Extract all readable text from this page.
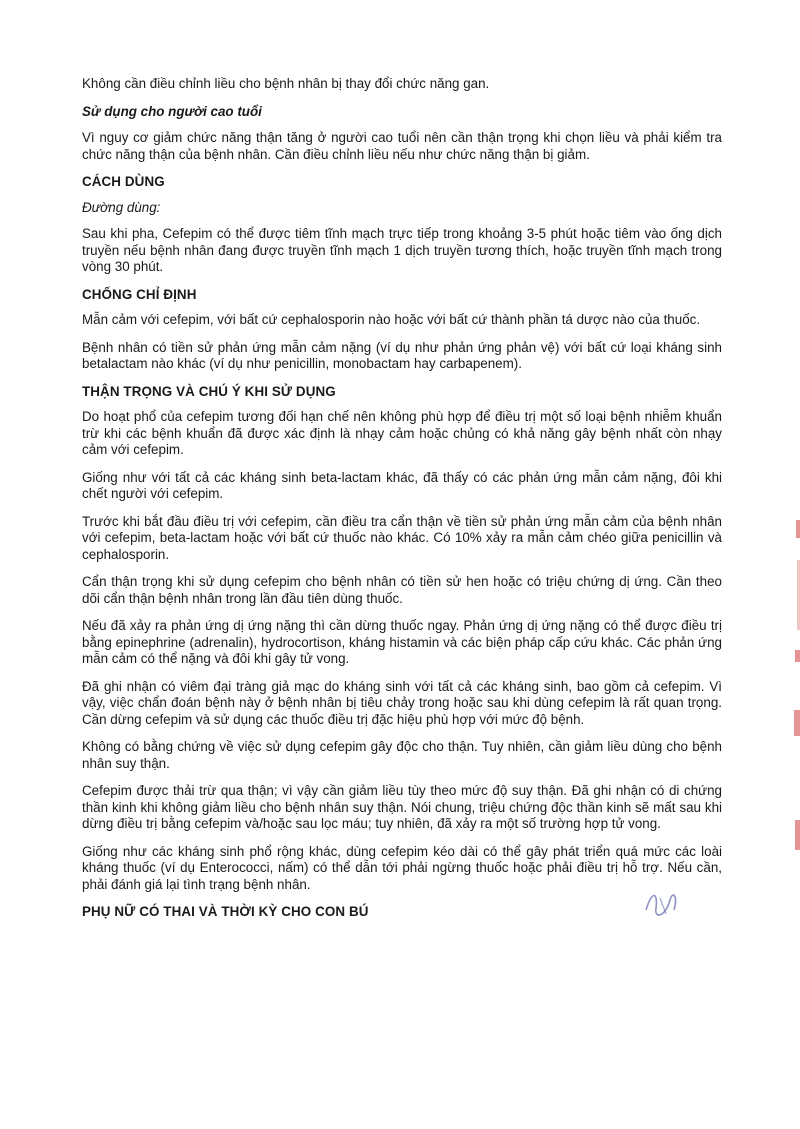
Không cần điều chỉnh liều cho bệnh nhân bị thay đổi chức năng gan.

Sử dụng cho người cao tuổi

Vì nguy cơ giảm chức năng thận tăng ở người cao tuổi nên cần thận trọng khi chọn liều và phải kiểm tra chức năng thận của bệnh nhân. Cần điều chỉnh liều nếu như chức năng thận bị giảm.

CÁCH DÙNG

Đường dùng:

Sau khi pha, Cefepim có thể được tiêm tĩnh mạch trực tiếp trong khoảng 3-5 phút hoặc tiêm vào ống dịch truyền nếu bệnh nhân đang được truyền tĩnh mạch 1 dịch truyền tương thích, hoặc truyền tĩnh mạch trong vòng 30 phút.

CHỐNG CHỈ ĐỊNH

Mẫn cảm với cefepim, với bất cứ cephalosporin nào hoặc với bất cứ thành phần tá dược nào của thuốc.

Bệnh nhân có tiền sử phản ứng mẫn cảm nặng (ví dụ như phản ứng phản vệ) với bất cứ loại kháng sinh betalactam nào khác (ví dụ như penicillin, monobactam hay carbapenem).

THẬN TRỌNG VÀ CHÚ Ý KHI SỬ DỤNG

Do hoạt phổ của cefepim tương đối hạn chế nên không phù hợp để điều trị một số loại bệnh nhiễm khuẩn trừ khi các bệnh khuẩn đã được xác định là nhạy cảm hoặc chủng có khả năng gây bệnh nhất còn nhạy cảm với cefepim.

Giống như với tất cả các kháng sinh beta-lactam khác, đã thấy có các phản ứng mẫn cảm nặng, đôi khi chết người với cefepim.

Trước khi bắt đầu điều trị với cefepim, cần điều tra cẩn thận về tiền sử phản ứng mẫn cảm của bệnh nhân với cefepim, beta-lactam hoặc với bất cứ thuốc nào khác. Có 10% xảy ra mẫn cảm chéo giữa penicillin và cephalosporin.

Cẩn thận trọng khi sử dụng cefepim cho bệnh nhân có tiền sử hen hoặc có triệu chứng dị ứng. Cần theo dõi cẩn thận bệnh nhân trong lần đầu tiên dùng thuốc.

Nếu đã xảy ra phản ứng dị ứng nặng thì cần dừng thuốc ngay. Phản ứng dị ứng nặng có thể được điều trị bằng epinephrine (adrenalin), hydrocortison, kháng histamin và các biện pháp cấp cứu khác. Các phản ứng mẫn cảm có thể nặng và đôi khi gây tử vong.

Đã ghi nhận có viêm đại tràng giả mạc do kháng sinh với tất cả các kháng sinh, bao gồm cả cefepim. Vì vậy, việc chẩn đoán bệnh này ở bệnh nhân bị tiêu chảy trong hoặc sau khi dùng cefepim là rất quan trọng. Cần dừng cefepim và sử dụng các thuốc điều trị đặc hiệu phù hợp với mức độ bệnh.

Không có bằng chứng về việc sử dụng cefepim gây độc cho thận. Tuy nhiên, cần giảm liều dùng cho bệnh nhân suy thận.

Cefepim được thải trừ qua thận; vì vậy cần giảm liều tùy theo mức độ suy thận. Đã ghi nhận có di chứng thần kinh khi không giảm liều cho bệnh nhân suy thận. Nói chung, triệu chứng độc thần kinh sẽ mất sau khi dừng điều trị bằng cefepim và/hoặc sau lọc máu; tuy nhiên, đã xảy ra một số trường hợp tử vong.

Giống như các kháng sinh phổ rộng khác, dùng cefepim kéo dài có thể gây phát triển quá mức các loài kháng thuốc (ví dụ Enterococci, nấm) có thể dẫn tới phải ngừng thuốc hoặc phải điều trị hỗ trợ. Nếu cần, phải đánh giá lại tình trạng bệnh nhân.

PHỤ NỮ CÓ THAI VÀ THỜI KỲ CHO CON BÚ
